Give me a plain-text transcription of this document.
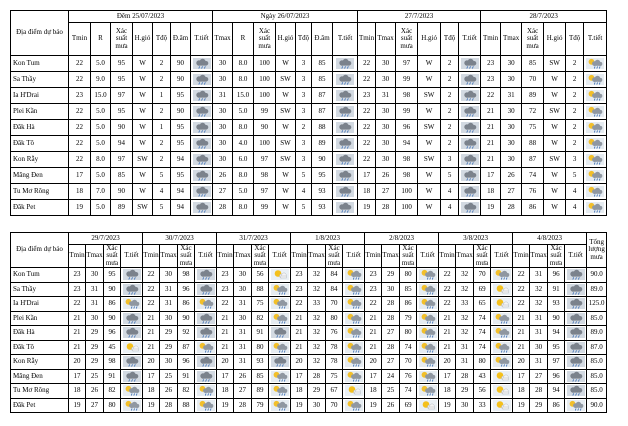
Địa điểm dự báo	Đêm 25/07/2023							Ngày 26/07/2023							27/7/2023						28/7/2023					
	Tmin	R	Xác suất mưa	H.gió	Tđộ	Đ.âm	T.tiết	Tmax	R	Xác suất mưa	H.gió	Tđộ	Đ.âm	T.tiết	Tmin	Tmax	Xác suất mưa	H.gió	Tđộ	T.tiết	Tmin	Tmax	Xác suất mưa	H.gió	Tđộ	T.tiết
Kon Tum	22	5.0	95	W	2	90		30	8.0	100	W	3	85		22	30	97	W	2		23	30	85	SW	2	

Sa Thầy	22	9.0	95	W	2	90		30	8.0	100	SW	3	85		22	30	99	W	2		23	30	70	W	2	

Ia H'Drai	23	15.0	97	W	1	95		31	15.0	100	W	3	87		23	31	98	SW	2		22	31	89	W	2	

Plei Kần	22	5.0	95	W	2	90		30	5.0	99	SW	3	87		22	30	99	W	2		21	30	72	SW	2	

Đăk Hà	22	5.0	90	W	1	95		30	8.0	90	W	2	88		22	30	96	SW	2		21	30	75	W	2	

Đăk Tô	22	5.0	94	W	2	95		30	4.0	100	SW	3	89		22	30	94	W	2		21	30	88	W	2	

Kon Rẫy	22	8.0	97	SW	2	94		30	6.0	97	SW	3	90		22	30	98	SW	3		21	30	87	SW	3	

Măng Đen	17	5.0	85	W	5	95		26	8.0	98	W	5	95		17	26	98	W	5		17	26	74	W	5	

Tu Mơ Rông	18	7.0	90	W	4	94		27	5.0	97	W	4	93		18	27	100	W	4		18	27	76	W	4	

Đăk Pet	19	5.0	89	SW	5	94		28	8.0	99	W	5	93		19	28	100	W	4		19	28	86	W	4	
Địa điểm dự báo	29/7/2023				30/7/2023				31/7/2023				1/8/2023				2/8/2023				3/8/2023				4/8/2023				Tổng lượng mưa
	Tmin	Tmax	Xác suất mưa	T.tiết	Tmin	Tmax	Xác suất mưa	T.tiết	Tmin	Tmax	Xác suất mưa	T.tiết	Tmin	Tmax	Xác suất mưa	T.tiết	Tmin	Tmax	Xác suất mưa	T.tiết	Tmin	Tmax	Xác suất mưa	T.tiết	Tmin	Tmax	Xác suất mưa	T.tiết	
Kon Tum	23	30	95		22	30	98		23	30	56		23	32	84		23	29	80		22	32	70		22	31	96		90.0
Sa Thầy	23	31	90		22	31	96		23	30	88		23	32	84		23	30	85		22	32	69		22	32	91		89.0
Ia H'Drai	22	31	86		22	31	86		22	31	75		22	33	70		22	28	86		22	33	65		22	32	93		125.0
Plei Kần	21	30	90		21	30	90		21	30	82		21	32	80		21	28	79		21	32	74		21	31	90		85.0
Đăk Hà	21	29	96		21	29	92		21	31	91		21	32	76		21	27	80		21	32	74		21	31	94		89.0
Đăk Tô	21	29	45		21	29	87		21	31	80		21	32	78		21	28	74		21	31	74		21	30	95		87.0
Kon Rẫy	20	29	98		20	30	96		20	31	93		20	32	78		20	27	70		20	31	80		20	31	97		85.0
Măng Đen	17	25	91		17	25	91		17	26	85		17	28	75		17	24	76		17	28	43		17	27	96		85.0
Tu Mơ Rông	18	26	82		18	26	82		18	27	89		18	29	67		18	25	74		18	29	56		18	28	94		85.0
Đăk Pet	19	27	80		19	28	88		19	28	79		19	30	70		19	26	69		19	30	33		19	29	86		90.0
